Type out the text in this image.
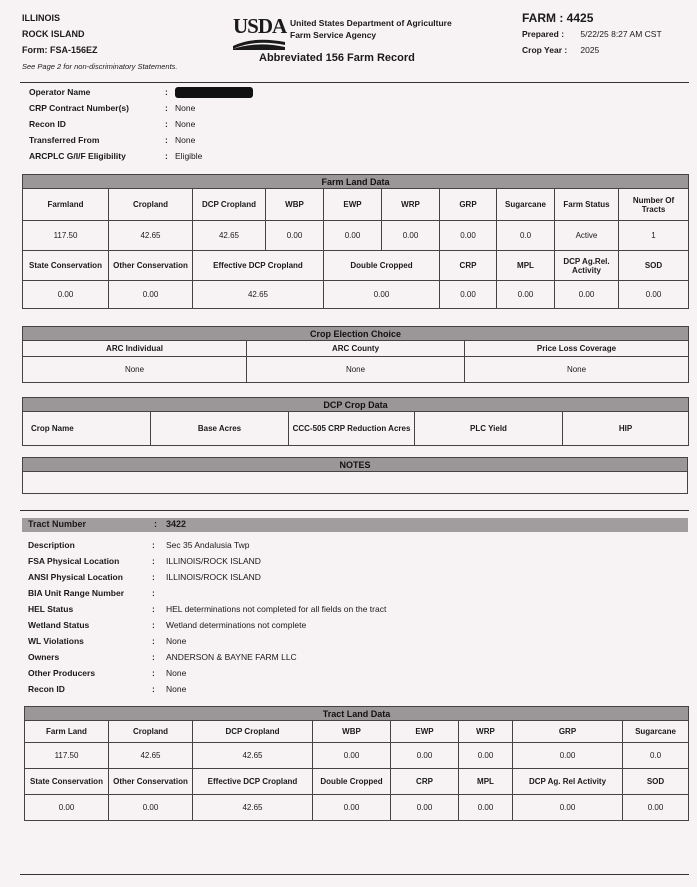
ILLINOIS
ROCK ISLAND
Form: FSA-156EZ
See Page 2 for non-discriminatory Statements.
USDA United States Department of Agriculture
Farm Service Agency
Abbreviated 156 Farm Record
FARM : 4425
Prepared : 5/22/25 8:27 AM CST
Crop Year : 2025
Operator Name	:
CRP Contract Number(s)	: None
Recon ID	: None
Transferred From	: None
ARCPLC G/I/F Eligibility	: Eligible
Farm Land Data									
Farmland	Cropland	DCP Cropland	WBP	EWP	WRP	GRP	Sugarcane	Farm Status	Number Of Tracts
117.50	42.65	42.65	0.00	0.00	0.00	0.00	0.0	Active	1
State Conservation	Other Conservation	Effective DCP Cropland		Double Cropped		CRP	MPL	DCP Ag.Rel. Activity	SOD
0.00	0.00	42.65		0.00		0.00	0.00	0.00	0.00
Crop Election Choice		
ARC Individual	ARC County	Price Loss Coverage
None	None	None
DCP Crop Data
Crop Name	Base Acres	CCC-505 CRP Reduction Acres	PLC Yield	HIP
NOTES

Tract Number	: 3422
Description	: Sec 35 Andalusia Twp
FSA Physical Location	: ILLINOIS/ROCK ISLAND
ANSI Physical Location	: ILLINOIS/ROCK ISLAND
BIA Unit Range Number	:
HEL Status	: HEL determinations not completed for all fields on the tract
Wetland Status	: Wetland determinations not complete
WL Violations	: None
Owners	: ANDERSON & BAYNE FARM LLC
Other Producers	: None
Recon ID	: None
Tract Land Data							
Farm Land	Cropland	DCP Cropland	WBP	EWP	WRP	GRP	Sugarcane
117.50	42.65	42.65	0.00	0.00	0.00	0.00	0.0
State Conservation	Other Conservation	Effective DCP Cropland	Double Cropped	CRP	MPL	DCP Ag. Rel Activity	SOD
0.00	0.00	42.65	0.00	0.00	0.00	0.00	0.00
